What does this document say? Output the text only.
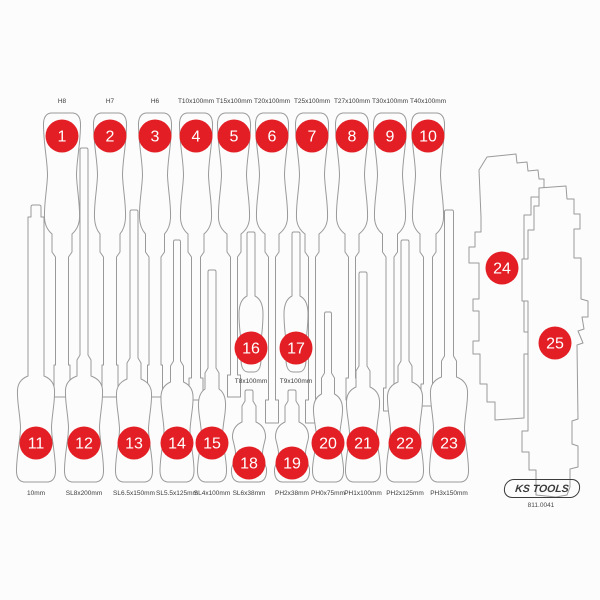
1
H8
2
H7
3
H6
4
T10x100mm
5
T15x100mm
6
T20x100mm
7
T25x100mm
8
T27x100mm
9
T30x100mm
10
T40x100mm
11
10mm
12
SL8x200mm
13
SL6.5x150mm
14
SL5.5x125mm
15
SL4x100mm
16
T8x100mm
17
T9x100mm
18
SL6x38mm
19
PH2x38mm
20
PH0x75mm
21
PH1x100mm
22
PH2x125mm
23
PH3x150mm
24
25
KS TOOLS
811.0041
